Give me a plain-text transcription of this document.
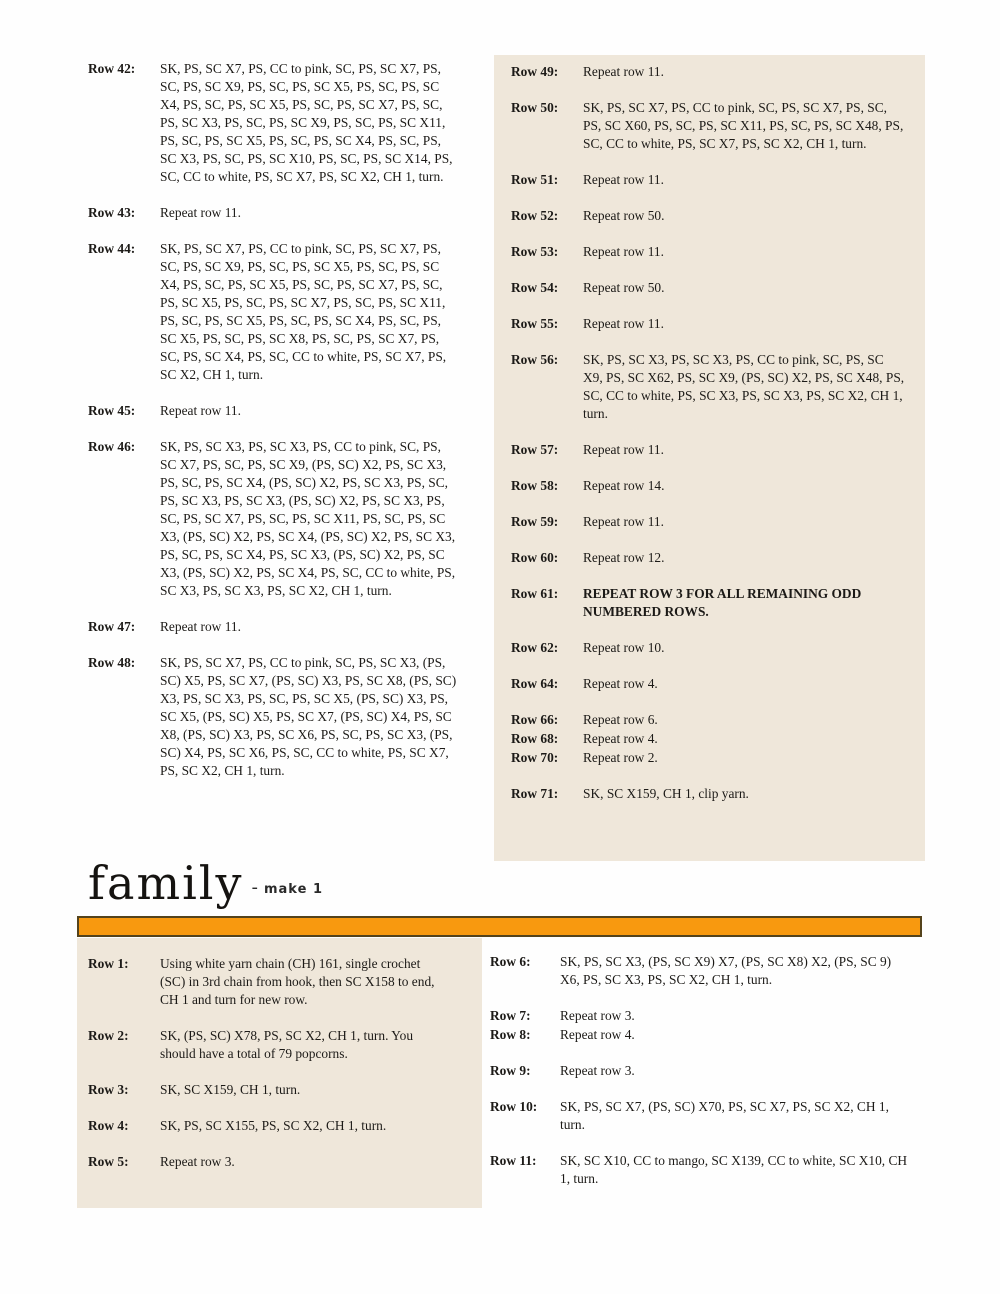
Row 42:	SK, PS, SC X7, PS, CC to pink, SC, PS, SC X7, PS, SC, PS, SC X9, PS, SC, PS, SC X5, PS, SC, PS, SC X4, PS, SC, PS, SC X5, PS, SC, PS, SC X7, PS, SC, PS, SC X3, PS, SC, PS, SC X9, PS, SC, PS, SC X11, PS, SC, PS, SC X5, PS, SC, PS, SC X4, PS, SC, PS, SC X3, PS, SC, PS, SC X10, PS, SC, PS, SC X14, PS, SC, CC to white, PS, SC X7, PS, SC X2, CH 1, turn.
Row 43:	Repeat row 11.
Row 44:	SK, PS, SC X7, PS, CC to pink, SC, PS, SC X7, PS, SC, PS, SC X9, PS, SC, PS, SC X5, PS, SC, PS, SC X4, PS, SC, PS, SC X5, PS, SC, PS, SC X7, PS, SC, PS, SC X5, PS, SC, PS, SC X7, PS, SC, PS, SC X11, PS, SC, PS, SC X5, PS, SC, PS, SC X4, PS, SC, PS, SC X5, PS, SC, PS, SC X8, PS, SC, PS, SC X7, PS, SC, PS, SC X4, PS, SC, CC to white, PS, SC X7, PS, SC X2, CH 1, turn.
Row 45:	Repeat row 11.
Row 46:	SK, PS, SC X3, PS, SC X3, PS, CC to pink, SC, PS, SC X7, PS, SC, PS, SC X9, (PS, SC) X2, PS, SC X3, PS, SC, PS, SC X4, (PS, SC) X2, PS, SC X3, PS, SC, PS, SC X3, PS, SC X3, (PS, SC) X2, PS, SC X3, PS, SC, PS, SC X7, PS, SC, PS, SC X11, PS, SC, PS, SC X3, (PS, SC) X2, PS, SC X4, (PS, SC) X2, PS, SC X3, PS, SC, PS, SC X4, PS, SC X3, (PS, SC) X2, PS, SC X3, (PS, SC) X2, PS, SC X4, PS, SC, CC to white, PS, SC X3, PS, SC X3, PS, SC X2, CH 1, turn.
Row 47:	Repeat row 11.
Row 48:	SK, PS, SC X7, PS, CC to pink, SC, PS, SC X3, (PS, SC) X5, PS, SC X7, (PS, SC) X3, PS, SC X8, (PS, SC) X3, PS, SC X3, PS, SC, PS, SC X5, (PS, SC) X3, PS, SC X5, (PS, SC) X5, PS, SC X7, (PS, SC) X4, PS, SC X8, (PS, SC) X3, PS, SC X6, PS, SC, PS, SC X3, (PS, SC) X4, PS, SC X6, PS, SC, CC to white, PS, SC X7, PS, SC X2, CH 1, turn.
Row 49:	Repeat row 11.
Row 50:	SK, PS, SC X7, PS, CC to pink, SC, PS, SC X7, PS, SC, PS, SC X60, PS, SC, PS, SC X11, PS, SC, PS, SC X48, PS, SC, CC to white, PS, SC X7, PS, SC X2, CH 1, turn.
Row 51:	Repeat row 11.
Row 52:	Repeat row 50.
Row 53:	Repeat row 11.
Row 54:	Repeat row 50.
Row 55:	Repeat row 11.
Row 56:	SK, PS, SC X3, PS, SC X3, PS, CC to pink, SC, PS, SC X9, PS, SC X62, PS, SC X9, (PS, SC) X2, PS, SC X48, PS, SC, CC to white, PS, SC X3, PS, SC X3, PS, SC X2, CH 1, turn.
Row 57:	Repeat row 11.
Row 58:	Repeat row 14.
Row 59:	Repeat row 11.
Row 60:	Repeat row 12.
Row 61:	REPEAT ROW 3 FOR ALL REMAINING ODD NUMBERED ROWS.
Row 62:	Repeat row 10.
Row 64:	Repeat row 4.
Row 66:	Repeat row 6.
Row 68:	Repeat row 4.
Row 70:	Repeat row 2.
Row 71:	SK, SC X159, CH 1, clip yarn.
family - make 1
Row 1:	Using white yarn chain (CH) 161, single crochet (SC) in 3rd chain from hook, then SC X158 to end, CH 1 and turn for new row.
Row 2:	SK, (PS, SC) X78, PS, SC X2, CH 1, turn. You should have a total of 79 popcorns.
Row 3:	SK, SC X159, CH 1, turn.
Row 4:	SK, PS, SC X155, PS, SC X2, CH 1, turn.
Row 5:	Repeat row 3.
Row 6:	SK, PS, SC X3, (PS, SC X9) X7, (PS, SC X8) X2, (PS, SC 9) X6, PS, SC X3, PS, SC X2, CH 1, turn.
Row 7:	Repeat row 3.
Row 8:	Repeat row 4.
Row 9:	Repeat row 3.
Row 10:	SK, PS, SC X7, (PS, SC) X70, PS, SC X7, PS, SC X2, CH 1, turn.
Row 11:	SK, SC X10, CC to mango, SC X139, CC to white, SC X10, CH 1, turn.
